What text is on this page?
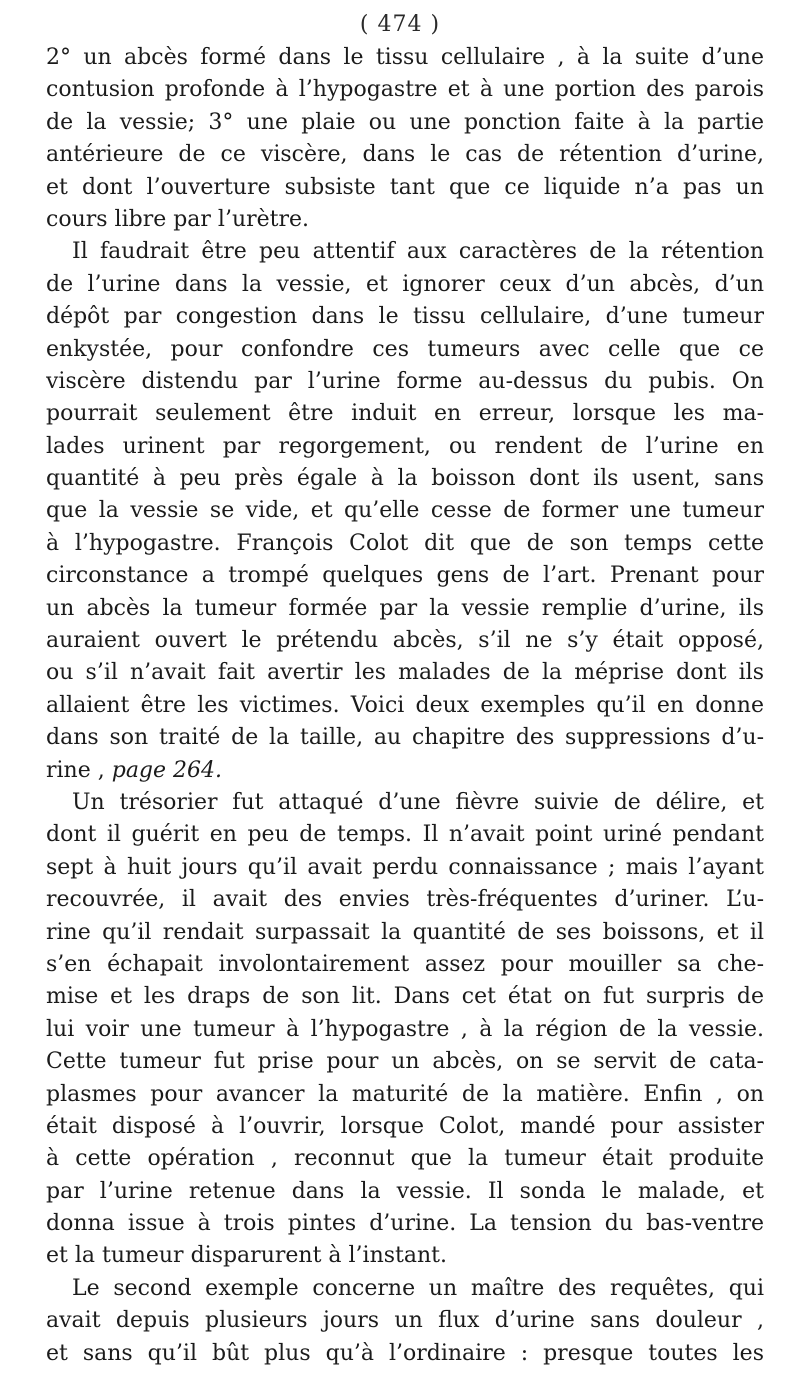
( 474 )
2° un abcès formé dans le tissu cellulaire , à la suite d’une
contusion profonde à l’hypogastre et à une portion des parois
de la vessie; 3° une plaie ou une ponction faite à la partie
antérieure de ce viscère, dans le cas de rétention d’urine,
et dont l’ouverture subsiste tant que ce liquide n’a pas un
cours libre par l’urètre.
Il faudrait être peu attentif aux caractères de la rétention
de l’urine dans la vessie, et ignorer ceux d’un abcès, d’un
dépôt par congestion dans le tissu cellulaire, d’une tumeur
enkystée, pour confondre ces tumeurs avec celle que ce
viscère distendu par l’urine forme au-dessus du pubis. On
pourrait seulement être induit en erreur, lorsque les ma-
lades urinent par regorgement, ou rendent de l’urine en
quantité à peu près égale à la boisson dont ils usent, sans
que la vessie se vide, et qu’elle cesse de former une tumeur
à l’hypogastre. François Colot dit que de son temps cette
circonstance a trompé quelques gens de l’art. Prenant pour
un abcès la tumeur formée par la vessie remplie d’urine, ils
auraient ouvert le prétendu abcès, s’il ne s’y était opposé,
ou s’il n’avait fait avertir les malades de la méprise dont ils
allaient être les victimes. Voici deux exemples qu’il en donne
dans son traité de la taille, au chapitre des suppressions d’u-
rine , page 264.
Un trésorier fut attaqué d’une fièvre suivie de délire, et
dont il guérit en peu de temps. Il n’avait point uriné pendant
sept à huit jours qu’il avait perdu connaissance ; mais l’ayant
recouvrée, il avait des envies très-fréquentes d’uriner. L’u-
rine qu’il rendait surpassait la quantité de ses boissons, et il
s’en échapait involontairement assez pour mouiller sa che-
mise et les draps de son lit. Dans cet état on fut surpris de
lui voir une tumeur à l’hypogastre , à la région de la vessie.
Cette tumeur fut prise pour un abcès, on se servit de cata-
plasmes pour avancer la maturité de la matière. Enfin , on
était disposé à l’ouvrir, lorsque Colot, mandé pour assister
à cette opération , reconnut que la tumeur était produite
par l’urine retenue dans la vessie. Il sonda le malade, et
donna issue à trois pintes d’urine. La tension du bas-ventre
et la tumeur disparurent à l’instant.
Le second exemple concerne un maître des requêtes, qui
avait depuis plusieurs jours un flux d’urine sans douleur ,
et sans qu’il bût plus qu’à l’ordinaire : presque toutes les
